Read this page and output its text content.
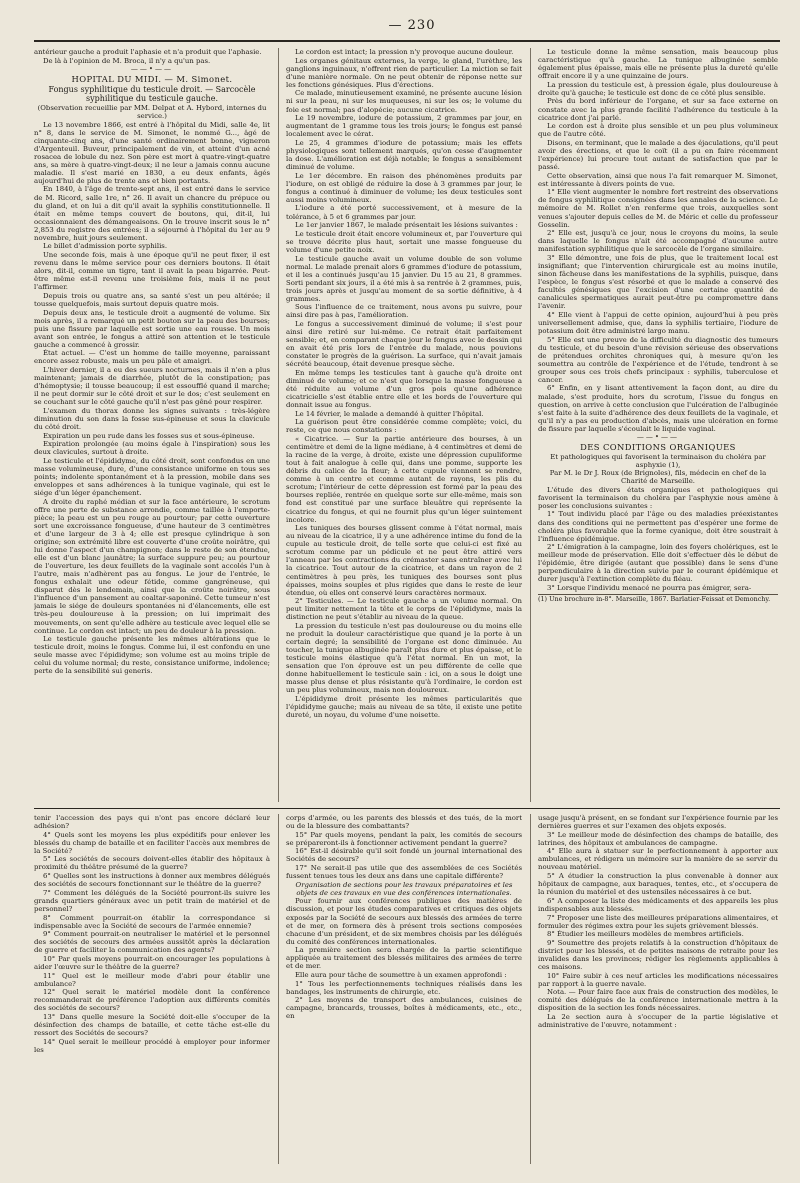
— 230 —

antérieur gauche a produit l'aphasie et n'a produit que l'aphasie.

De là à l'opinion de M. Broca, il n'y a qu'un pas.

——•——

HOPITAL DU MIDI. — M. Simonet.

Fongus syphilitique du testicule droit. — Sarcocèle syphilitique du testicule gauche.

(Observation recueillie par MM. Delpat et A. Hybord, internes du service.)

Le 13 novembre 1866, est entré à l'hôpital du Midi, salle 4e, lit n° 8, dans le service de M. Simonet, le nommé G..., âgé de cinquante-cinq ans, d'une santé ordinairement bonne, vigneron d'Argenteuil. Buveur, principalement de vin, et atteint d'un acné rosacea de lobule du nez. Son père est mort à quatre-vingt-quatre ans, sa mère à quatre-vingt-deux; il ne leur a jamais connu aucune maladie. Il s'est marié en 1830, a eu deux enfants, âgés aujourd'hui de plus de trente ans et bien portants.

En 1840, à l'âge de trente-sept ans, il est entré dans le service de M. Ricord, salle 1re, n° 26. Il avait un chancre du prépuce ou du gland, et on lui a dit qu'il avait la syphilis constitutionnelle. Il était en même temps couvert de boutons, qui, dit-il, lui occasionnaient des démangeaisons. On le trouve inscrit sous le n° 2,853 du registre des entrées; il a séjourné à l'hôpital du 1er au 9 novembre, huit jours seulement.

Le billet d'admission porte syphilis.

Une seconde fois, mais à une époque qu'il ne peut fixer, il est revenu dans le même service pour ces derniers boutons. Il était alors, dit-il, comme un tigre, tant il avait la peau bigarrée. Peut-être même est-il revenu une troisième fois, mais il ne peut l'affirmer.

Depuis trois ou quatre ans, sa santé s'est un peu altérée; il tousse quelquefois, mais surtout depuis quatre mois.

Depuis deux ans, le testicule droit a augmenté de volume. Six mois après, il a remarqué un petit bouton sur la peau des bourses; puis une fissure par laquelle est sortie une eau rousse. Un mois avant son entrée, le fongus a attiré son attention et le testicule gauche a commencé à grossir.

État actuel. — C'est un homme de taille moyenne, paraissant encore assez robuste, mais un peu pâle et amaigri.

L'hiver dernier, il a eu des sueurs nocturnes, mais il n'en a plus maintenant; jamais de diarrhée, plutôt de la constipation; pas d'hémoptysie; il tousse beaucoup; il est essoufflé quand il marche; il ne peut dormir sur le côté droit et sur le dos; c'est seulement en se couchant sur le côté gauche qu'il n'est pas gêné pour respirer.

L'examen du thorax donne les signes suivants : très-légère diminution du son dans la fosse sus-épineuse et sous la clavicule du côté droit.

Expiration un peu rude dans les fosses sus et sous-épineuse.

Expiration prolongée (au moins égale à l'inspiration) sous les deux clavicules, surtout à droite.

Le testicule et l'épididyme, du côté droit, sont confondus en une masse volumineuse, dure, d'une consistance uniforme en tous ses points; indolente spontanément et à la pression, mobile dans ses enveloppes et sans adhérences à la tunique vaginale, qui est le siége d'un léger épanchement.

A droite du raphé médian et sur la face antérieure, le scrotum offre une perte de substance arrondie, comme taillée à l'emporte-pièce; la peau est un peu rouge au pourtour; par cette ouverture sort une excroissance fongueuse, d'une hauteur de 3 centimètres et d'une largeur de 3 à 4; elle est presque cylindrique à son origine; son extrémité libre est couverte d'une croûte noirâtre, qui lui donne l'aspect d'un champignon; dans le reste de son étendue, elle est d'un blanc jaunâtre; la surface suppure peu; au pourtour de l'ouverture, les deux feuillets de la vaginale sont accolés l'un à l'autre, mais n'adhèrent pas au fongus. Le jour de l'entrée, le fongus exhalait une odeur fétide, comme gangréneuse, qui disparut dès le lendemain, ainsi que la croûte noirâtre, sous l'influence d'un pansement au coaltar-saponiné. Cette tumeur n'est jamais le siége de douleurs spontanées ni d'élancements, elle est très-peu douloureuse à la pression; on lui imprimait des mouvements, on sent qu'elle adhère au testicule avec lequel elle se continue. Le cordon est intact; un peu de douleur à la pression.

Le testicule gauche présente les mêmes altérations que le testicule droit, moins le fongus. Comme lui, il est confondu en une seule masse avec l'épididyme; son volume est au moins triple de celui du volume normal; du reste, consistance uniforme, indolence; perte de la sensibilité sui generis.

Le cordon est intact; la pression n'y provoque aucune douleur.

Les organes génitaux externes, la verge, le gland, l'urèthre, les ganglions inguinaux, n'offrent rien de particulier. La miction se fait d'une manière normale. On ne peut obtenir de réponse nette sur les fonctions génésiques. Plus d'érections.

Ce malade, minutieusement examiné, ne présente aucune lésion ni sur la peau, ni sur les muqueuses, ni sur les os; le volume du foie est normal; pas d'alopécie; aucune cicatrice.

Le 19 novembre, iodure de potassium, 2 grammes par jour, en augmentant de 1 gramme tous les trois jours; le fongus est pansé localement avec le cérat.

Le 25, 4 grammes d'iodure de potassium; mais les effets physiologiques sont tellement marqués, qu'on cesse d'augmenter la dose. L'amélioration est déjà notable; le fongus a sensiblement diminué de volume.

Le 1er décembre. En raison des phénomènes produits par l'iodure, on est obligé de réduire la dose à 3 grammes par jour, le fongus a continué à diminuer de volume; les deux testicules sont aussi moins volumineux.

L'iodure a été porté successivement, et à mesure de la tolérance, à 5 et 6 grammes par jour.

Le 1er janvier 1867, le malade présentait les lésions suivantes :

Le testicule droit était encore volumineux et, par l'ouverture qui se trouve décrite plus haut, sortait une masse fongueuse du volume d'une petite noix.

Le testicule gauche avait un volume double de son volume normal. Le malade prenait alors 6 grammes d'iodure de potassium, et il les a continués jusqu'au 15 janvier. Du 15 au 21, 8 grammes. Sorti pendant six jours, il a été mis à sa rentrée à 2 grammes, puis, trois jours après et jusqu'au moment de sa sortie définitive, à 4 grammes.

Sous l'influence de ce traitement, nous avons pu suivre, pour ainsi dire pas à pas, l'amélioration.

Le fongus a successivement diminué de volume; il s'est pour ainsi dire retiré sur lui-même. Ce retrait était parfaitement sensible; et, en comparant chaque jour le fongus avec le dessin qui en avait été pris lors de l'entrée du malade, nous pouvions constater le progrès de la guérison. La surface, qui n'avait jamais sécrété beaucoup, était devenue presque sèche.

En même temps les testicules tant à gauche qu'à droite ont diminué de volume; et ce n'est que lorsque la masse fongueuse a été réduite au volume d'un gros pois qu'une adhérence cicatricielle s'est établie entre elle et les bords de l'ouverture qui donnait issue au fongus.

Le 14 février, le malade a demandé à quitter l'hôpital.

La guérison peut être considérée comme complète; voici, du reste, ce que nous constations :

« Cicatrice. — Sur la partie antérieure des bourses, à un centimètre et demi de la ligne médiane, à 4 centimètres et demi de la racine de la verge, à droite, existe une dépression cupuliforme tout à fait analogue à celle qui, dans une pomme, supporte les débris du calice de la fleur; à cette cupule viennent se rendre, comme à un centre et comme autant de rayons, les plis du scrotum; l'intérieur de cette dépression est formé par la peau des bourses repliée, rentrée en quelque sorte sur elle-même, mais son fond est constitué par une surface bleuâtre qui représente la cicatrice du fongus, et qui ne fournit plus qu'un léger suintement incolore.

Les tuniques des bourses glissent comme à l'état normal, mais au niveau de la cicatrice, il y a une adhérence intime du fond de la cupule au testicule droit, de telle sorte que celui-ci est fixé au scrotum comme par un pédicule et ne peut être attiré vers l'anneau par les contractions du crémaster sans entraîner avec lui la cicatrice. Tout autour de la cicatrice, et dans un rayon de 2 centimètres à peu près, les tuniques des bourses sont plus épaisses, moins souples et plus rigides que dans le reste de leur étendue, où elles ont conservé leurs caractères normaux.

2° Testicules. — Le testicule gauche a un volume normal. On peut limiter nettement la tête et le corps de l'épididyme, mais la distinction ne peut s'établir au niveau de la queue.

La pression du testicule n'est pas douloureuse ou du moins elle ne produit la douleur caractéristique que quand je la porte à un certain degré; la sensibilité de l'organe est donc diminuée. Au toucher, la tunique albuginée paraît plus dure et plus épaisse, et le testicule moins élastique qu'à l'état normal. En un mot, la sensation que l'on éprouve est un peu différente de celle que donne habituellement le testicule sain : ici, on a sous le doigt une masse plus dense et plus résistante qu'à l'ordinaire, le cordon est un peu plus volumineux, mais non douloureux.

L'épididyme droit présente les mêmes particularités que l'épididyme gauche; mais au niveau de sa tête, il existe une petite dureté, un noyau, du volume d'une noisette.

Le testicule donne la même sensation, mais beaucoup plus caractéristique qu'à gauche. La tunique albuginée semble également plus épaisse, mais elle ne présente plus la dureté qu'elle offrait encore il y a une quinzaine de jours.

La pression du testicule est, à pression égale, plus douloureuse à droite qu'à gauche; le testicule est donc de ce côté plus sensible.

Près du bord inférieur de l'organe, et sur sa face externe on constate avec la plus grande facilité l'adhérence du testicule à la cicatrice dont j'ai parlé.

Le cordon est à droite plus sensible et un peu plus volumineux que de l'autre côté.

Disons, en terminant, que le malade a des éjaculations, qu'il peut avoir des érections, et que le coït (il a pu en faire récemment l'expérience) lui procure tout autant de satisfaction que par le passé.

Cette observation, ainsi que nous l'a fait remarquer M. Simonet, est intéressante à divers points de vue.

1° Elle vient augmenter le nombre fort restreint des observations de fongus syphilitique consignées dans les annales de la science. Le mémoire de M. Rollet n'en renferme que trois, auxquelles sont venues s'ajouter depuis celles de M. de Méric et celle du professeur Gosselin.

2° Elle est, jusqu'à ce jour, nous le croyons du moins, la seule dans laquelle le fongus n'ait été accompagné d'aucune autre manifestation syphilitique que le sarcocèle de l'organe similaire.

3° Elle démontre, une fois de plus, que le traitement local est insignifiant; que l'intervention chirurgicale est au moins inutile, sinon fâcheuse dans les manifestations de la syphilis, puisque, dans l'espèce, le fongus s'est résorbé et que le malade a conservé des facultés génésiques que l'excision d'une certaine quantité de canalicules spermatiques aurait peut-être pu compromettre dans l'avenir.

4° Elle vient à l'appui de cette opinion, aujourd'hui à peu près universellement admise, que, dans la syphilis tertiaire, l'iodure de potassium doit être administré largo manu.

5° Elle est une preuve de la difficulté du diagnostic des tumeurs du testicule, et du besoin d'une révision sérieuse des observations de prétendues orchites chroniques qui, à mesure qu'on les soumettra au contrôle de l'expérience et de l'étude, tendront à se grouper sous ces trois chefs principaux : syphilis, tuberculose et cancer.

6° Enfin, en y lisant attentivement la façon dont, au dire du malade, s'est produite, hors du scrotum, l'issue du fongus en question, on arrive à cette conclusion que l'ulcération de l'albuginée s'est faite à la suite d'adhérence des deux feuillets de la vaginale, et qu'il n'y a pas eu production d'abcès, mais une ulcération en forme de fissure par laquelle s'écoulait le liquide vaginal.

——•——

DES CONDITIONS ORGANIQUES

Et pathologiques qui favorisent la terminaison du choléra par asphyxie (1),

Par M. le Dr J. Roux (de Brignoles), fils, médecin en chef de la Charité de Marseille.

L'étude des divers états organiques et pathologiques qui favorisent la terminaison du choléra par l'asphyxie nous amène à poser les conclusions suivantes :

1° Tout individu placé par l'âge ou des maladies préexistantes dans des conditions qui ne permettent pas d'espérer une forme de choléra plus favorable que la forme cyanique, doit être soustrait à l'influence épidémique.

2° L'émigration à la campagne, loin des foyers cholériques, est le meilleur mode de préservation. Elle doit s'effectuer dès le début de l'épidémie, être dirigée (autant que possible) dans le sens d'une perpendiculaire à la direction suivie par le courant épidémique et durer jusqu'à l'extinction complète du fléau.

3° Lorsque l'individu menacé ne pourra pas émigrer, sera-

(1) Une brochure in-8°. Marseille, 1867. Barlatier-Feissat et Demonchy.

tenir l'accession des pays qui n'ont pas encore déclaré leur adhésion?

4° Quels sont les moyens les plus expéditifs pour enlever les blessés du champ de bataille et en faciliter l'accès aux membres de la Société?

5° Les sociétés de secours doivent-elles établir des hôpitaux à proximité du théâtre présumé de la guerre?

6° Quelles sont les instructions à donner aux membres délégués des sociétés de secours fonctionnant sur le théâtre de la guerre?

7° Comment les délégués de la Société pourront-ils suivre les grands quartiers généraux avec un petit train de matériel et de personnel?

8° Comment pourrait-on établir la correspondance si indispensable avec la Société de secours de l'armée ennemie?

9° Comment pourrait-on neutraliser le matériel et le personnel des sociétés de secours des armées aussitôt après la déclaration de guerre et faciliter la communication des agents?

10° Par quels moyens pourrait-on encourager les populations à aider l'œuvre sur le théâtre de la guerre?

11° Quel est le meilleur mode d'abri pour établir une ambulance?

12° Quel serait le matériel modèle dont la conférence recommanderait de préférence l'adoption aux différents comités des sociétés de secours?

13° Dans quelle mesure la Société doit-elle s'occuper de la désinfection des champs de bataille, et cette tâche est-elle du ressort des Sociétés de secours?

14° Quel serait le meilleur procédé à employer pour informer les

corps d'armée, ou les parents des blessés et des tués, de la mort ou de la blessure des combattants?

15° Par quels moyens, pendant la paix, les comités de secours se prépareront-ils à fonctionner activement pendant la guerre?

16° Est-il désirable qu'il soit fondé un journal international des Sociétés de secours?

17° Ne serait-il pas utile que des assemblées de ces Sociétés fussent tenues tous les deux ans dans une capitale différente?

Organisation de sections pour les travaux préparatoires et les objets de ces travaux en vue des conférences internationales.

Pour fournir aux conférences publiques des matières de discussion, et pour les études comparatives et critiques des objets exposés par la Société de secours aux blessés des armées de terre et de mer, on formera dès à présent trois sections composées chacune d'un président, et de six membres choisis par les délégués du comité des conférences internationales.

La première section sera chargée de la partie scientifique appliquée au traitement des blessés militaires des armées de terre et de mer.

Elle aura pour tâche de soumettre à un examen approfondi :

1° Tous les perfectionnements techniques réalisés dans les bandages, les instruments de chirurgie, etc.

2° Les moyens de transport des ambulances, cuisines de campagne, brancards, trousses, boîtes à médicaments, etc., etc., en

usage jusqu'à présent, en se fondant sur l'expérience fournie par les dernières guerres et sur l'examen des objets exposés.

3° Le meilleur mode de désinfection des champs de bataille, des latrines, des hôpitaux et ambulances de campagne.

4° Elle aura à statuer sur le perfectionnement à apporter aux ambulances, et rédigera un mémoire sur la manière de se servir du nouveau matériel.

5° A étudier la construction la plus convenable à donner aux hôpitaux de campagne, aux baraques, tentes, etc., et s'occupera de la réunion du matériel et des ustensiles nécessaires à ce but.

6° A composer la liste des médicaments et des appareils les plus indispensables aux blessés.

7° Proposer une liste des meilleures préparations alimentaires, et formuler des régimes extra pour les sujets grièvement blessés.

8° Étudier les meilleurs modèles de membres artificiels.

9° Soumettre des projets relatifs à la construction d'hôpitaux de district pour les blessés, et de petites maisons de retraite pour les invalides dans les provinces; rédiger les règlements applicables à ces maisons.

10° Faire subir à ces neuf articles les modifications nécessaires par rapport à la guerre navale.

Nota. — Pour faire face aux frais de construction des modèles, le comité des délégués de la conférence internationale mettra à la disposition de la section les fonds nécessaires.

La 2e section aura à s'occuper de la partie législative et administrative de l'œuvre, notamment :
